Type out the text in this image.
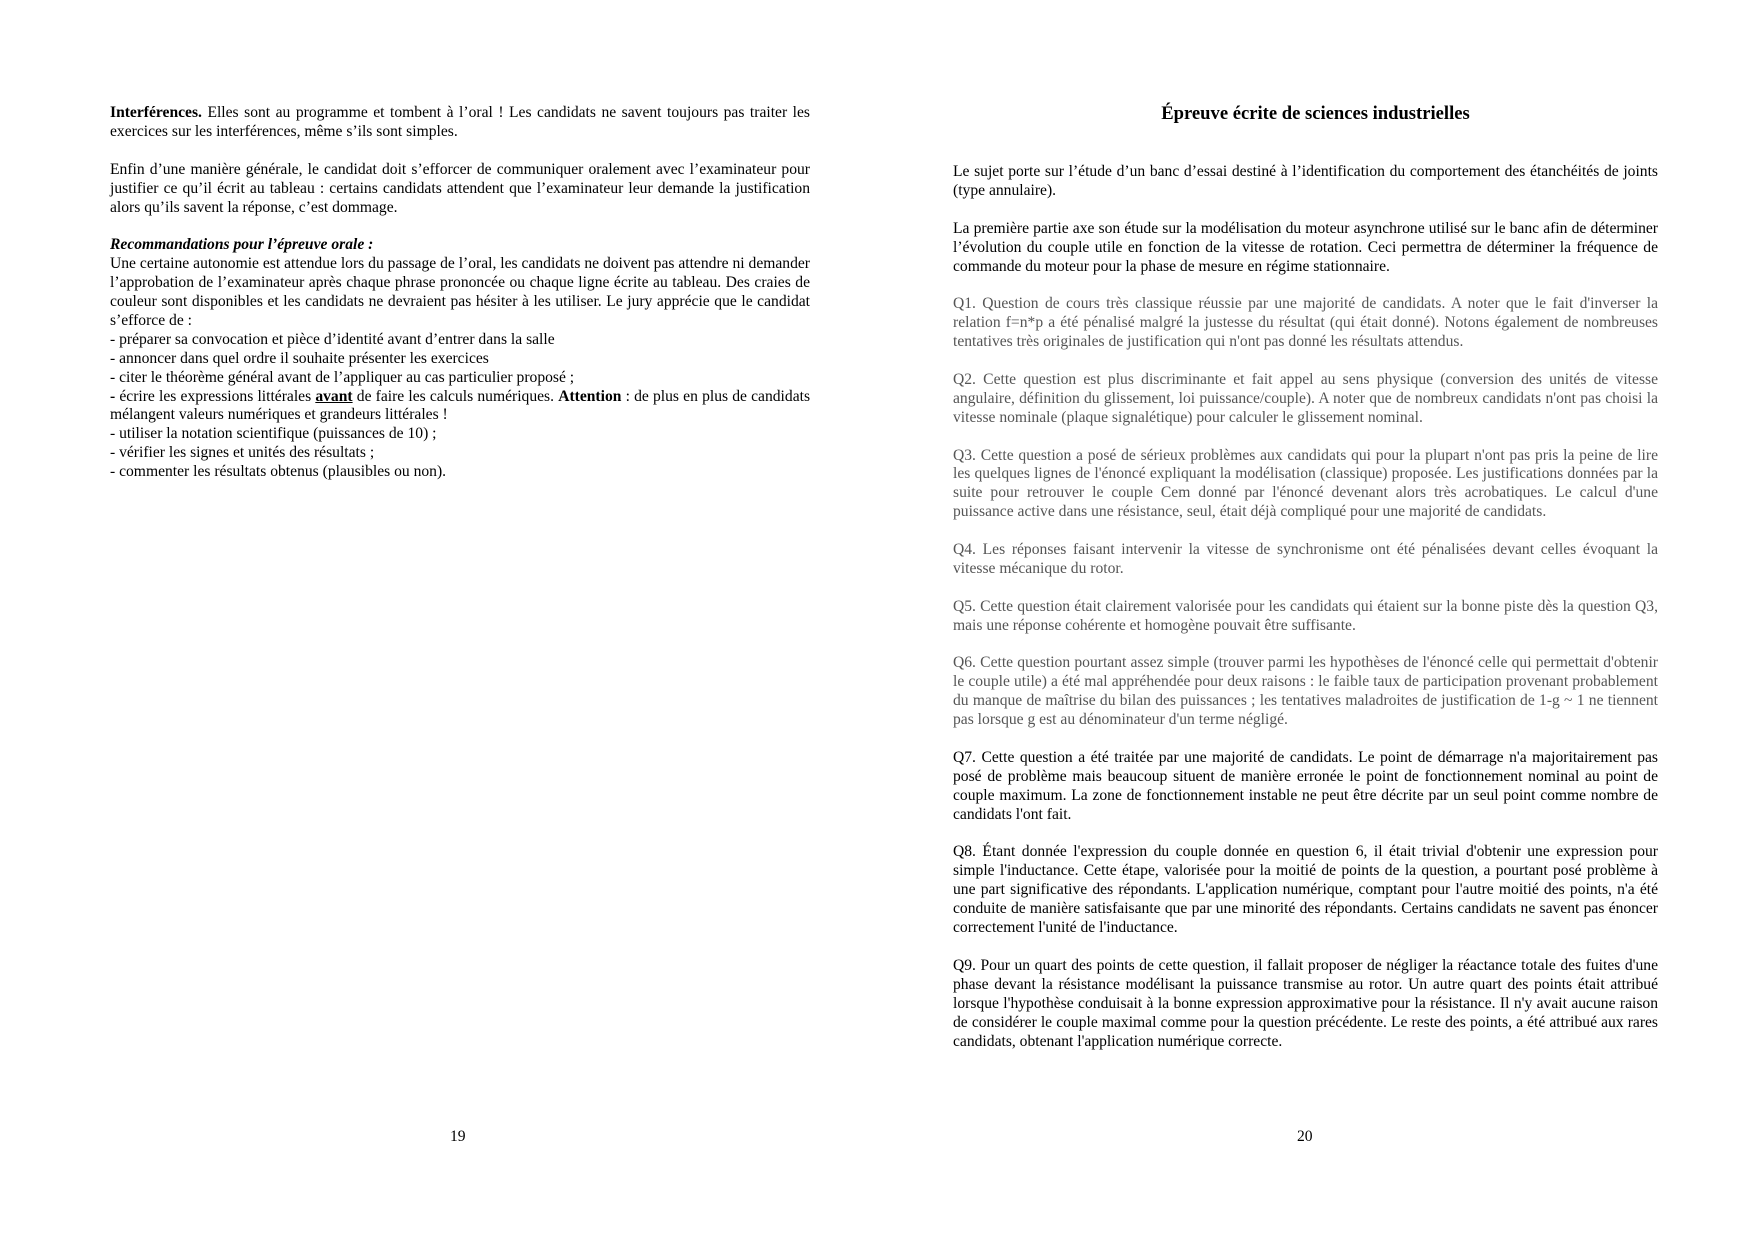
Interférences. Elles sont au programme et tombent à l’oral ! Les candidats ne savent toujours pas traiter les exercices sur les interférences, même s’ils sont simples.

Enfin d’une manière générale, le candidat doit s’efforcer de communiquer oralement avec l’examinateur pour justifier ce qu’il écrit au tableau : certains candidats attendent que l’examinateur leur demande la justification alors qu’ils savent la réponse, c’est dommage.

Recommandations pour l’épreuve orale :
Une certaine autonomie est attendue lors du passage de l’oral, les candidats ne doivent pas attendre ni demander l’approbation de l’examinateur après chaque phrase prononcée ou chaque ligne écrite au tableau. Des craies de couleur sont disponibles et les candidats ne devraient pas hésiter à les utiliser. Le jury apprécie que le candidat s’efforce de :
- préparer sa convocation et pièce d’identité avant d’entrer dans la salle
- annoncer dans quel ordre il souhaite présenter les exercices
- citer le théorème général avant de l’appliquer au cas particulier proposé ;
- écrire les expressions littérales avant de faire les calculs numériques. Attention : de plus en plus de candidats mélangent valeurs numériques et grandeurs littérales !
- utiliser la notation scientifique (puissances de 10) ;
- vérifier les signes et unités des résultats ;
- commenter les résultats obtenus (plausibles ou non).
19
Épreuve écrite de sciences industrielles

Le sujet porte sur l’étude d’un banc d’essai destiné à l’identification du comportement des étanchéités de joints (type annulaire).

La première partie axe son étude sur la modélisation du moteur asynchrone utilisé sur le banc afin de déterminer l’évolution du couple utile en fonction de la vitesse de rotation. Ceci permettra de déterminer la fréquence de commande du moteur pour la phase de mesure en régime stationnaire.

Q1. Question de cours très classique réussie par une majorité de candidats. A noter que le fait d'inverser la relation f=n*p a été pénalisé malgré la justesse du résultat (qui était donné). Notons également de nombreuses tentatives très originales de justification qui n'ont pas donné les résultats attendus.

Q2. Cette question est plus discriminante et fait appel au sens physique (conversion des unités de vitesse angulaire, définition du glissement, loi puissance/couple). A noter que de nombreux candidats n'ont pas choisi la vitesse nominale (plaque signalétique) pour calculer le glissement nominal.

Q3. Cette question a posé de sérieux problèmes aux candidats qui pour la plupart n'ont pas pris la peine de lire les quelques lignes de l'énoncé expliquant la modélisation (classique) proposée. Les justifications données par la suite pour retrouver le couple Cem donné par l'énoncé devenant alors très acrobatiques. Le calcul d'une puissance active dans une résistance, seul, était déjà compliqué pour une majorité de candidats.

Q4. Les réponses faisant intervenir la vitesse de synchronisme ont été pénalisées devant celles évoquant la vitesse mécanique du rotor.

Q5. Cette question était clairement valorisée pour les candidats qui étaient sur la bonne piste dès la question Q3, mais une réponse cohérente et homogène pouvait être suffisante.

Q6. Cette question pourtant assez simple (trouver parmi les hypothèses de l'énoncé celle qui permettait d'obtenir le couple utile) a été mal appréhendée pour deux raisons : le faible taux de participation provenant probablement du manque de maîtrise du bilan des puissances ; les tentatives maladroites de justification de 1-g ~ 1 ne tiennent pas lorsque g est au dénominateur d'un terme négligé.

Q7. Cette question a été traitée par une majorité de candidats. Le point de démarrage n'a majoritairement pas posé de problème mais beaucoup situent de manière erronée le point de fonctionnement nominal au point de couple maximum. La zone de fonctionnement instable ne peut être décrite par un seul point comme nombre de candidats l'ont fait.

Q8. Étant donnée l'expression du couple donnée en question 6, il était trivial d'obtenir une expression pour simple l'inductance. Cette étape, valorisée pour la moitié de points de la question, a pourtant posé problème à une part significative des répondants. L'application numérique, comptant pour l'autre moitié des points, n'a été conduite de manière satisfaisante que par une minorité des répondants. Certains candidats ne savent pas énoncer correctement l'unité de l'inductance.

Q9. Pour un quart des points de cette question, il fallait proposer de négliger la réactance totale des fuites d'une phase devant la résistance modélisant la puissance transmise au rotor. Un autre quart des points était attribué lorsque l'hypothèse conduisait à la bonne expression approximative pour la résistance. Il n'y avait aucune raison de considérer le couple maximal comme pour la question précédente. Le reste des points, a été attribué aux rares candidats, obtenant l'application numérique correcte.

20
